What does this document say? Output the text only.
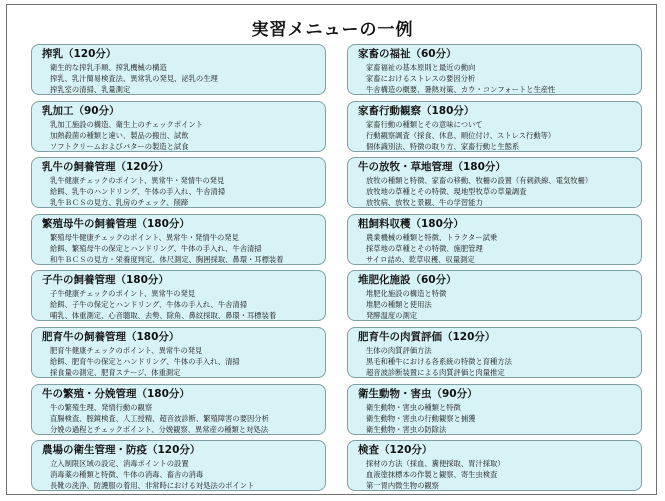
実習メニューの一例
搾乳（120分）
衛生的な搾乳手順、搾乳機械の構造
搾乳、乳汁簡易検査法、異常乳の発見、泌乳の生理
搾乳室の清掃、乳量測定
乳加工（90分）
乳加工施設の構造、衛生上のチェックポイント
加熱殺菌の種類と違い、製品の搬出、試飲
ソフトクリームおよびバターの製造と試食
乳牛の飼養管理（120分）
乳牛健康チェックのポイント、異常牛・発情牛の発見
給餌、乳牛のハンドリング、牛体の手入れ、牛舎清掃
乳牛ＢＣＳの見方、乳房のチェック、削蹄
繁殖母牛の飼養管理（180分）
繁殖母牛健康チェックのポイント、異常牛・発情牛の発見
給餌、繁殖母牛の保定とハンドリング、牛体の手入れ、牛舎清掃
和牛ＢＣＳの見方・栄養度判定、体尺測定、胸囲採取、鼻環・耳標装着
子牛の飼養管理（180分）
子牛健康チェックのポイント、異常牛の発見
給餌、子牛の保定とハンドリング、牛体の手入れ、牛舎清掃
哺乳、体重測定、心音聴取、去勢、除角、鼻紋採取、鼻環・耳標装着
肥育牛の飼養管理（180分）
肥育牛健康チェックのポイント、異常牛の発見
給餌、肥育牛の保定とハンドリング、牛体の手入れ、清掃
採食量の測定、肥育ステージ、体重測定
牛の繁殖・分娩管理（180分）
牛の繁殖生理、発情行動の観察
直腸検査、膣鏡検査、人工授精、超音波診断、繁殖障害の要因分析
分娩の過程とチェックポイント、分娩観察、異常産の種類と対処法
農場の衛生管理・防疫（120分）
立入制限区域の設定、消毒ポイントの設置
消毒薬の種類と特徴、牛体の消毒、畜舎の消毒
長靴の洗浄、防護服の着用、非常時における対処法のポイント
家畜の福祉（60分）
家畜福祉の基本原則と最近の動向
家畜におけるストレスの要因分析
牛舎構造の概要、暑熱対策、カウ・コンフォートと生産性
家畜行動観察（180分）
家畜行動の種類とその意味について
行動観察調査（採食、休息、順位付け、ストレス行動等）
個体識別法、特徴の取り方、家畜行動と生態系
牛の放牧・草地管理（180分）
放牧の種類と特徴、家畜の移動、牧柵の設置（有刺鉄線、電気牧柵）
放牧地の草種とその特徴、現地型牧草の草量調査
放牧病、放牧と景観、牛の学習能力
粗飼料収穫（180分）
農業機械の種類と特徴、トラクター試乗
採草地の草種とその特徴、施肥管理
サイロ詰め、乾草収穫、収量測定
堆肥化施設（60分）
堆肥化施設の構造と特徴
堆肥の種類と使用法
発酵温度の測定
肥育牛の肉質評価（120分）
生体の肉質評価方法
黒毛和種牛における各系統の特徴と育種方法
超音波診断装置による肉質評価と肉量推定
衛生動物・害虫（90分）
衛生動物・害虫の種類と特徴
衛生動物・害虫の行動観察と捕獲
衛生動物・害虫の防除法
検査（120分）
採材の方法（採血、糞便採取、胃汁採取）
血液塗抹標本の作製と観察、寄生虫検査
第一胃内微生物の観察
